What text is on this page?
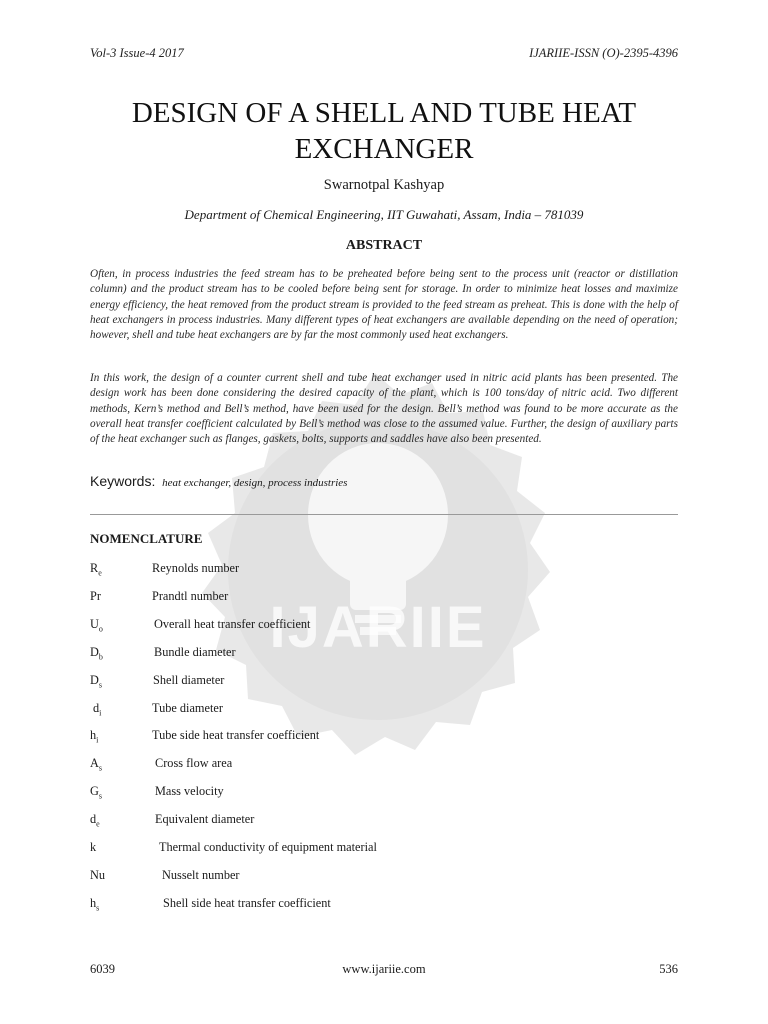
IJARIIE
Vol-3 Issue-4 2017	IJARIIE-ISSN (O)-2395-4396
DESIGN OF A SHELL AND TUBE HEAT EXCHANGER
Swarnotpal Kashyap
Department of Chemical Engineering, IIT Guwahati, Assam, India – 781039
ABSTRACT

Often, in process industries the feed stream has to be preheated before being sent to the process unit (reactor or distillation column) and the product stream has to be cooled before being sent for storage. In order to minimize heat losses and maximize energy efficiency, the heat removed from the product stream is provided to the feed stream as preheat. This is done with the help of heat exchangers in process industries. Many different types of heat exchangers are available depending on the need of operation; however, shell and tube heat exchangers are by far the most commonly used heat exchangers.

In this work, the design of a counter current shell and tube heat exchanger used in nitric acid plants has been presented. The design work has been done considering the desired capacity of the plant, which is 100 tons/day of nitric acid. Two different methods, Kern’s method and Bell’s method, have been used for the design. Bell’s method was found to be more accurate as the overall heat transfer coefficient calculated by Bell’s method was close to the assumed value. Further, the design of auxiliary parts of the heat exchanger such as flanges, gaskets, bolts, supports and saddles have also been presented.

Keywords: heat exchanger, design, process industries
NOMENCLATURE
$R_e$	Reynolds number
Pr	Prandtl number
$U_o$	Overall heat transfer coefficient
$D_b$	Bundle diameter
$D_s$	Shell diameter
$d_i$	Tube diameter
$h_i$	Tube side heat transfer coefficient
$A_s$	Cross flow area
$G_s$	Mass velocity
$d_e$	Equivalent diameter
k	Thermal conductivity of equipment material
Nu	Nusselt number
$h_s$	Shell side heat transfer coefficient
6039	www.ijariie.com	536
